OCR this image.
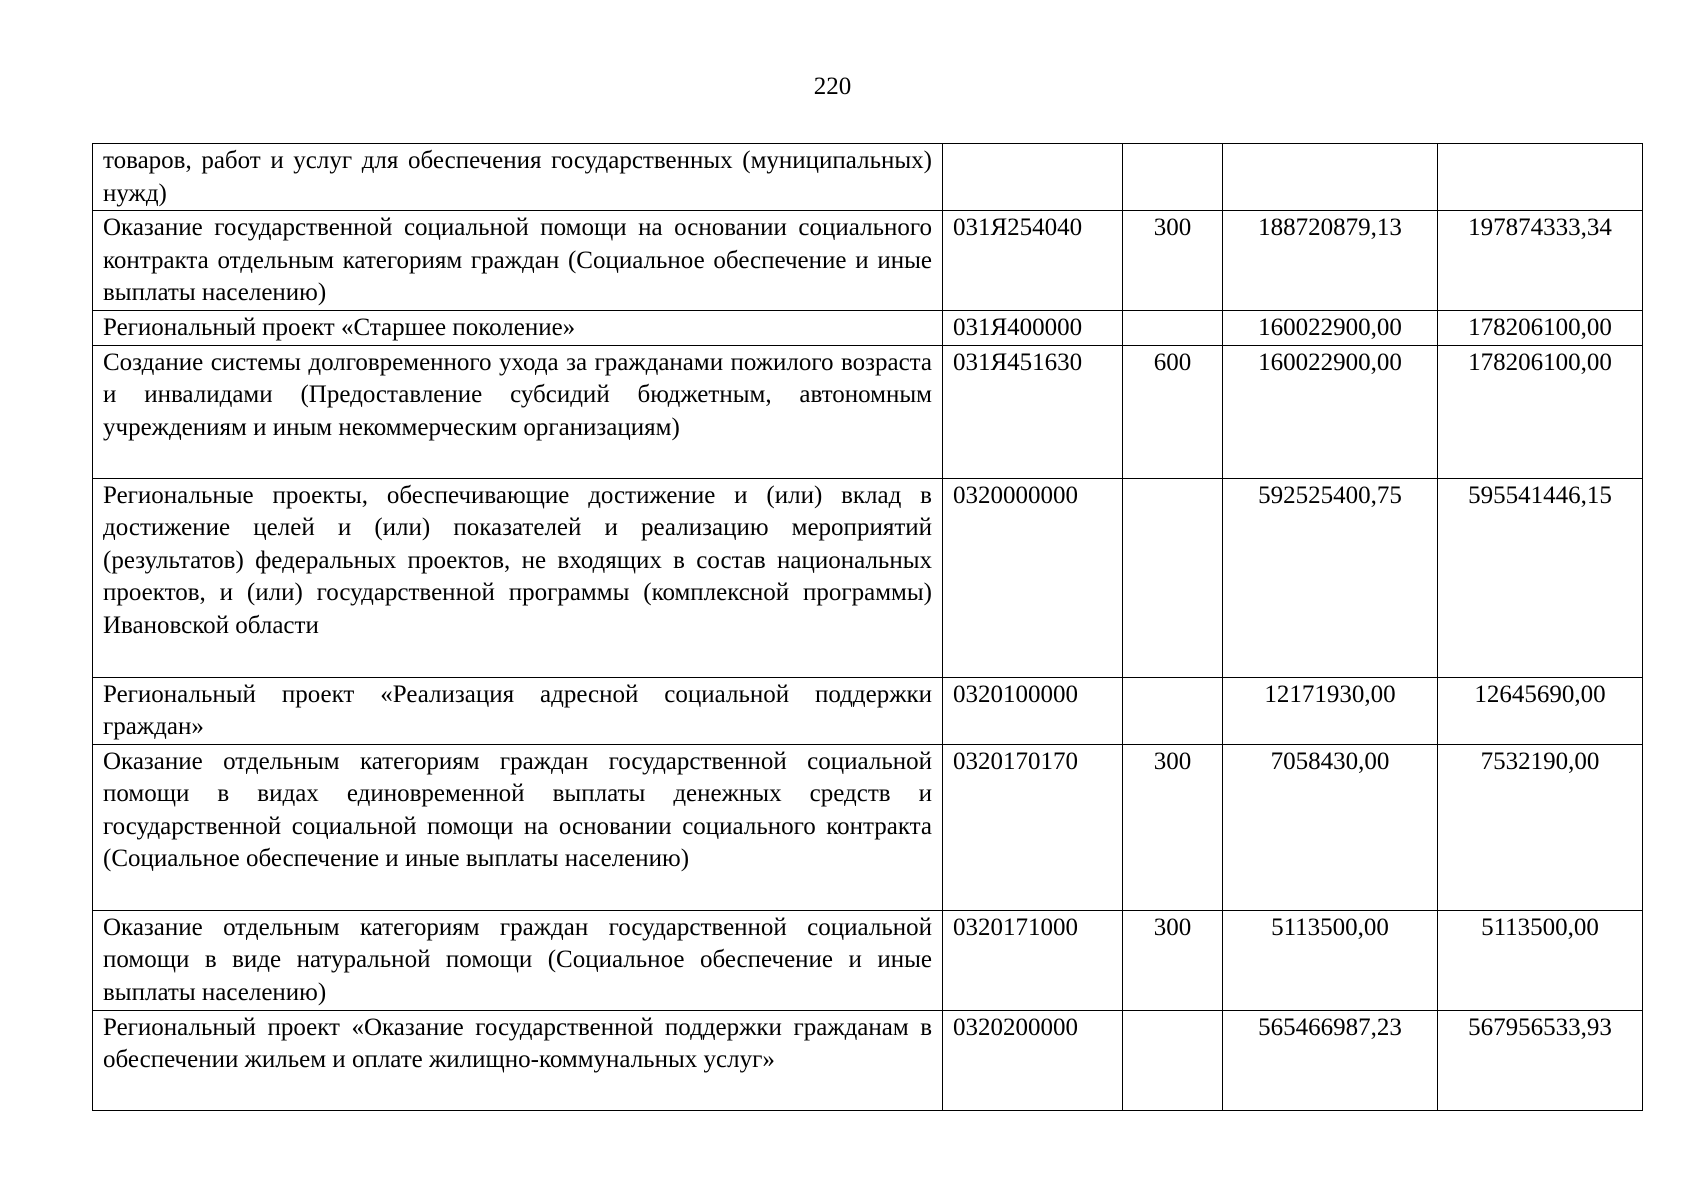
220
товаров, работ и услуг для обеспечения государственных (муниципальных) нужд)				

Оказание государственной социальной помощи на основании социального контракта отдельным категориям граждан (Социальное обеспечение и иные выплаты населению)	031Я254040	300	188720879,13	197874333,34

Региональный проект «Старшее поколение»	031Я400000		160022900,00	178206100,00

Создание системы долговременного ухода за гражданами пожилого возраста и инвалидами (Предоставление субсидий бюджетным, автономным учреждениям и иным некоммерческим организациям)	031Я451630	600	160022900,00	178206100,00

Региональные проекты, обеспечивающие достижение и (или) вклад в достижение целей и (или) показателей и реализацию мероприятий (результатов) федеральных проектов, не входящих в состав национальных проектов, и (или) государственной программы (комплексной программы) Ивановской области	0320000000		592525400,75	595541446,15

Региональный проект «Реализация адресной социальной поддержки граждан»	0320100000		12171930,00	12645690,00

Оказание отдельным категориям граждан государственной социальной помощи в видах единовременной выплаты денежных средств и государственной социальной помощи на основании социального контракта (Социальное обеспечение и иные выплаты населению)	0320170170	300	7058430,00	7532190,00

Оказание отдельным категориям граждан государственной социальной помощи в виде натуральной помощи (Социальное обеспечение и иные выплаты населению)	0320171000	300	5113500,00	5113500,00

Региональный проект «Оказание государственной поддержки гражданам в обеспечении жильем и оплате жилищно-коммунальных услуг»	0320200000		565466987,23	567956533,93
